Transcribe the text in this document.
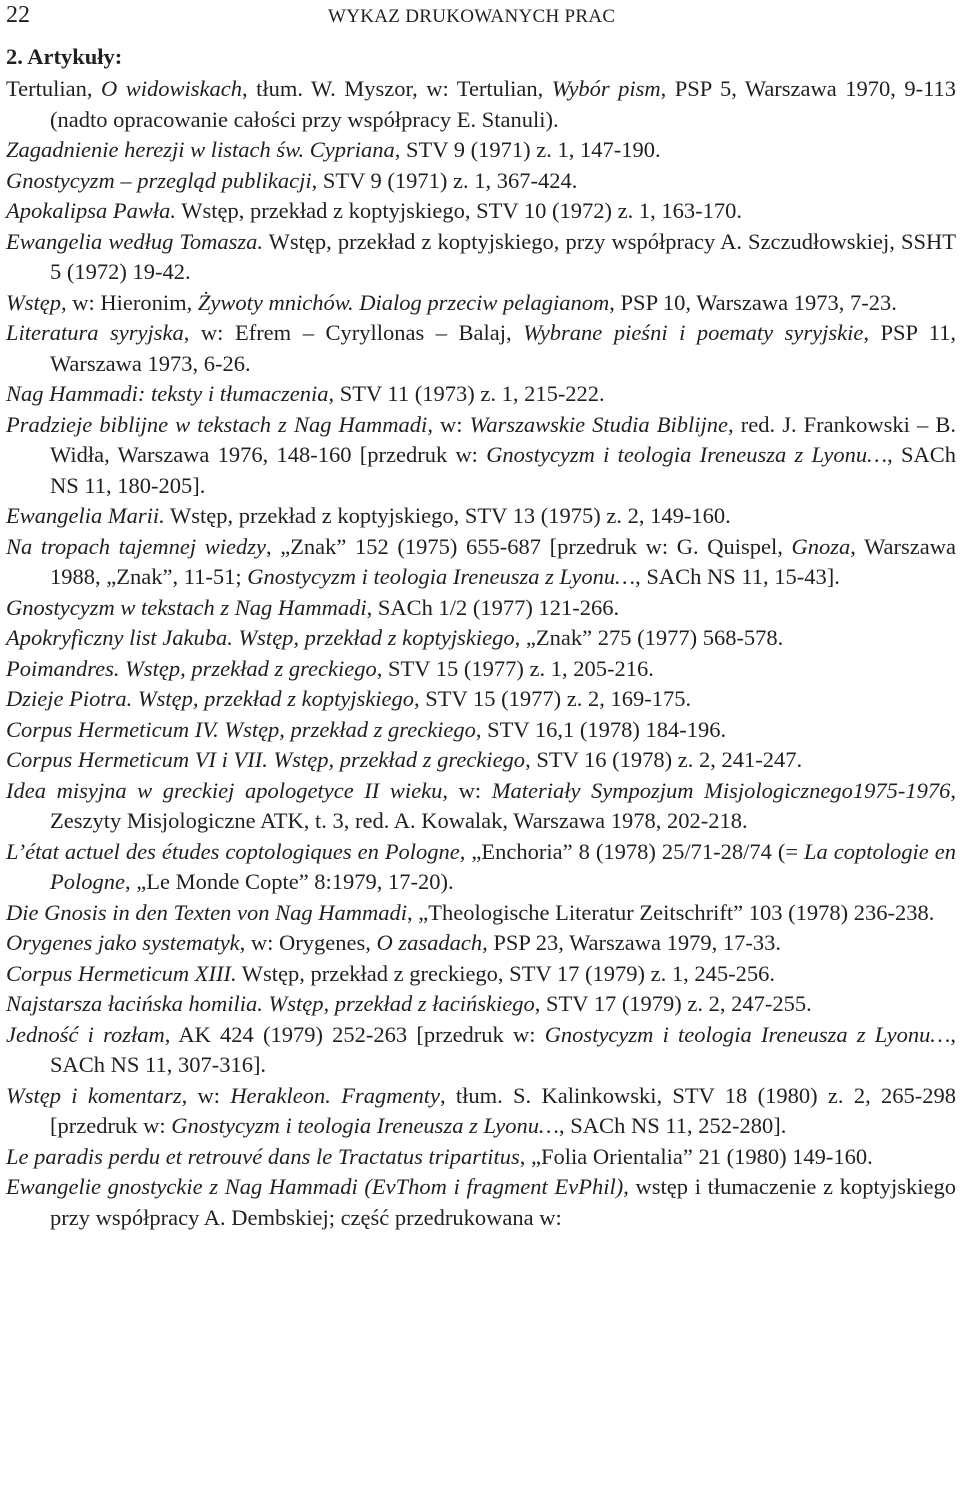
22	WYKAZ DRUKOWANYCH PRAC
2. Artykuły:

Tertulian, O widowiskach, tłum. W. Myszor, w: Tertulian, Wybór pism, PSP 5, Warszawa 1970, 9-113 (nadto opracowanie całości przy współpracy E. Stanuli).

Zagadnienie herezji w listach św. Cypriana, STV 9 (1971) z. 1, 147-190.

Gnostycyzm – przegląd publikacji, STV 9 (1971) z. 1, 367-424.

Apokalipsa Pawła. Wstęp, przekład z koptyjskiego, STV 10 (1972) z. 1, 163-170.

Ewangelia według Tomasza. Wstęp, przekład z koptyjskiego, przy współpracy A. Szczudłowskiej, SSHT 5 (1972) 19-42.

Wstęp, w: Hieronim, Żywoty mnichów. Dialog przeciw pelagianom, PSP 10, Warszawa 1973, 7-23.

Literatura syryjska, w: Efrem – Cyryllonas – Balaj, Wybrane pieśni i poematy syryjskie, PSP 11, Warszawa 1973, 6-26.

Nag Hammadi: teksty i tłumaczenia, STV 11 (1973) z. 1, 215-222.

Pradzieje biblijne w tekstach z Nag Hammadi, w: Warszawskie Studia Biblijne, red. J. Frankowski – B. Widła, Warszawa 1976, 148-160 [przedruk w: Gnostycyzm i teologia Ireneusza z Lyonu…, SACh NS 11, 180-205].

Ewangelia Marii. Wstęp, przekład z koptyjskiego, STV 13 (1975) z. 2, 149-160.

Na tropach tajemnej wiedzy, „Znak” 152 (1975) 655-687 [przedruk w: G. Quispel, Gnoza, Warszawa 1988, „Znak”, 11-51; Gnostycyzm i teologia Ireneusza z Lyonu…, SACh NS 11, 15-43].

Gnostycyzm w tekstach z Nag Hammadi, SACh 1/2 (1977) 121-266.

Apokryficzny list Jakuba. Wstęp, przekład z koptyjskiego, „Znak” 275 (1977) 568-578.

Poimandres. Wstęp, przekład z greckiego, STV 15 (1977) z. 1, 205-216.

Dzieje Piotra. Wstęp, przekład z koptyjskiego, STV 15 (1977) z. 2, 169-175.

Corpus Hermeticum IV. Wstęp, przekład z greckiego, STV 16,1 (1978) 184-196.

Corpus Hermeticum VI i VII. Wstęp, przekład z greckiego, STV 16 (1978) z. 2, 241-247.

Idea misyjna w greckiej apologetyce II wieku, w: Materiały Sympozjum Misjologicznego1975-1976, Zeszyty Misjologiczne ATK, t. 3, red. A. Kowalak, Warszawa 1978, 202-218.

L’état actuel des études coptologiques en Pologne, „Enchoria” 8 (1978) 25/71-28/74 (= La coptologie en Pologne, „Le Monde Copte” 8:1979, 17-20).

Die Gnosis in den Texten von Nag Hammadi, „Theologische Literatur Zeitschrift” 103 (1978) 236-238.

Orygenes jako systematyk, w: Orygenes, O zasadach, PSP 23, Warszawa 1979, 17-33.

Corpus Hermeticum XIII. Wstęp, przekład z greckiego, STV 17 (1979) z. 1, 245-256.

Najstarsza łacińska homilia. Wstęp, przekład z łacińskiego, STV 17 (1979) z. 2, 247-255.

Jedność i rozłam, AK 424 (1979) 252-263 [przedruk w: Gnostycyzm i teologia Ireneusza z Lyonu…, SACh NS 11, 307-316].

Wstęp i komentarz, w: Herakleon. Fragmenty, tłum. S. Kalinkowski, STV 18 (1980) z. 2, 265-298 [przedruk w: Gnostycyzm i teologia Ireneusza z Lyonu…, SACh NS 11, 252-280].

Le paradis perdu et retrouvé dans le Tractatus tripartitus, „Folia Orientalia” 21 (1980) 149-160.

Ewangelie gnostyckie z Nag Hammadi (EvThom i fragment EvPhil), wstęp i tłumaczenie z koptyjskiego przy współpracy A. Dembskiej; część przedrukowana w:
